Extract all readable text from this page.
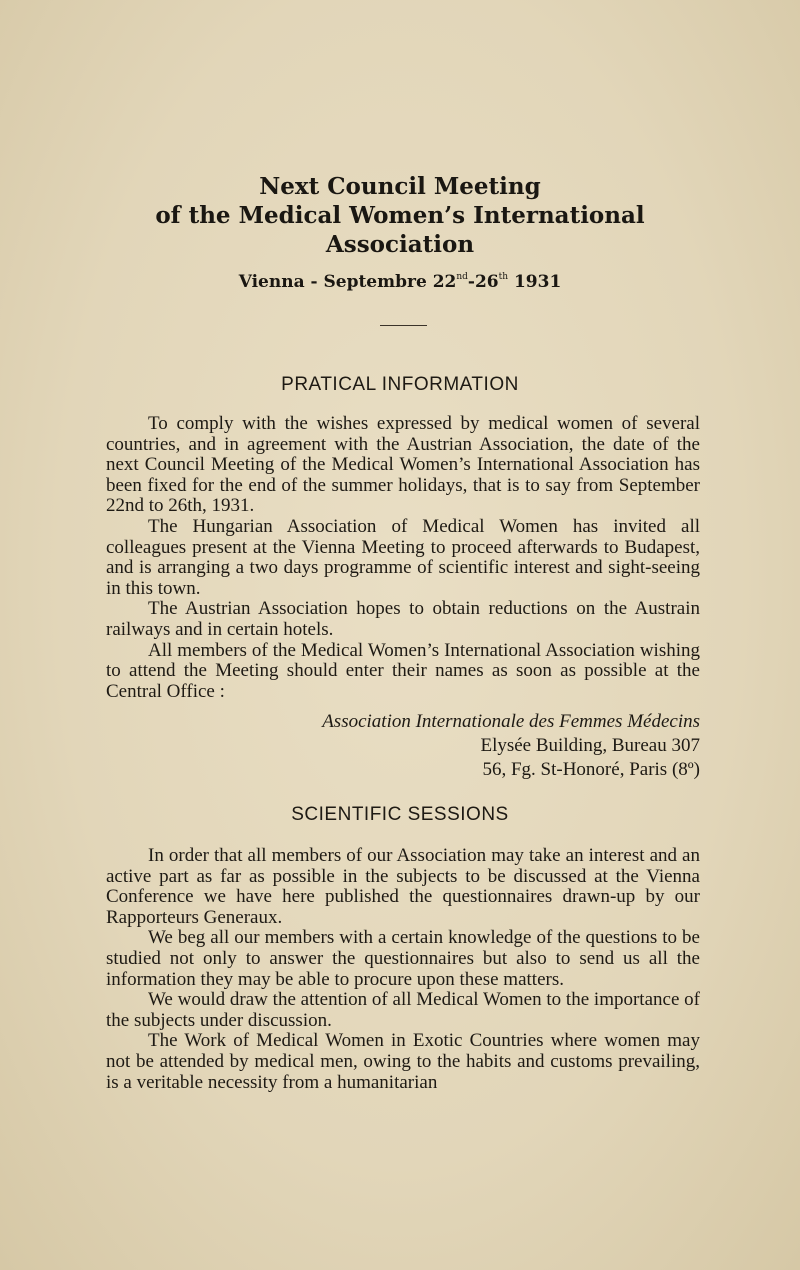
Next Council Meeting
of the Medical Women’s International
Association
Vienna - Septembre 22nd-26th 1931
PRATICAL INFORMATION

To comply with the wishes expressed by medical women of several countries, and in agreement with the Austrian Association, the date of the next Council Meeting of the Medical Women’s International Association has been fixed for the end of the summer holidays, that is to say from September 22nd to 26th, 1931.

The Hungarian Association of Medical Women has invited all colleagues present at the Vienna Meeting to proceed afterwards to Budapest, and is arranging a two days programme of scientific interest and sight-seeing in this town.

The Austrian Association hopes to obtain reductions on the Austrain railways and in certain hotels.

All members of the Medical Women’s International Association wishing to attend the Meeting should enter their names as soon as possible at the Central Office :

Association Internationale des Femmes Médecins
Elysée Building, Bureau 307
56, Fg. St-Honoré, Paris (8º)
SCIENTIFIC SESSIONS

In order that all members of our Association may take an interest and an active part as far as possible in the subjects to be discussed at the Vienna Conference we have here published the questionnaires drawn-up by our Rapporteurs Generaux.

We beg all our members with a certain knowledge of the questions to be studied not only to answer the questionnaires but also to send us all the information they may be able to procure upon these matters.

We would draw the attention of all Medical Women to the importance of the subjects under discussion.

The Work of Medical Women in Exotic Countries where women may not be attended by medical men, owing to the habits and customs prevailing, is a veritable necessity from a humanitarian
